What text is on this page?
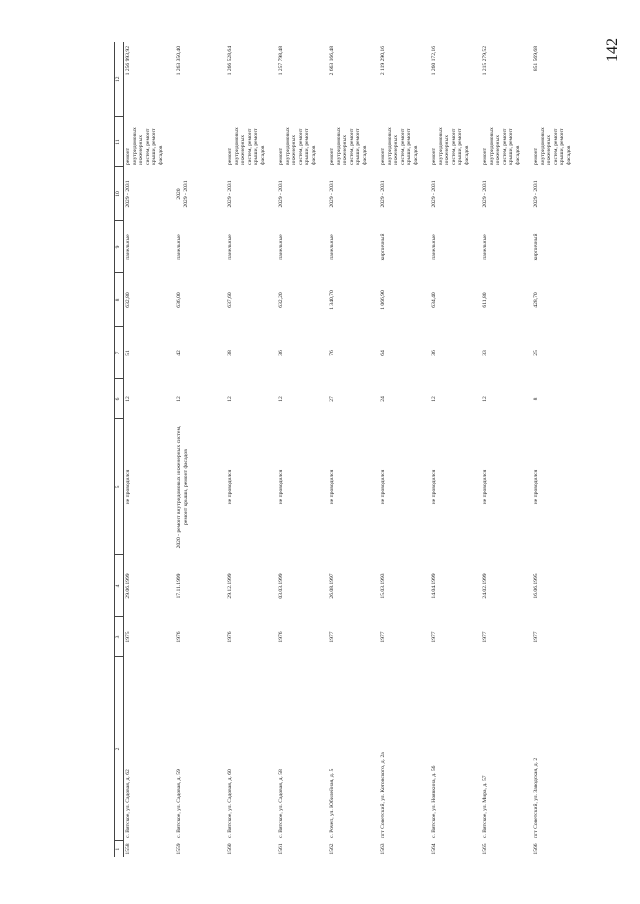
142
1	2	3	4	5	6	7	8	9	10	11	12
1558	с. Вятское, ул. Садовая, д. 62	1975	29.06.1999	не проводился	12	51	632,80	панельные	2029 - 2031	ремонт внутридомовых инженерных систем, ремонт крыши, ремонт фасадов	1 256 993,92
1559	с. Вятское, ул. Садовая, д. 59	1976	17.11.1999	2020 - ремонт внутридомовых инженерных систем, ремонт крыши, ремонт фасадов	12	42	636,00	панельные	2020 2029 - 2031		1 263 350,40
1560	с. Вятское, ул. Садовая, д. 60	1976	29.12.1999	не проводился	12	38	637,60	панельные	2029 - 2031	ремонт внутридомовых инженерных систем, ремонт крыши, ремонт фасадов	1 266 528,64
1561	с. Вятское, ул. Садовая, д. 58	1976	03.03.1999	не проводился	12	36	632,20	панельные	2029 - 2031	ремонт внутридомовых инженерных систем, ремонт крыши, ремонт фасадов	1 257 798,48
1562	с. Рочеп, ул. Юбилейная, д. 5	1977	26.08.1997	не проводился	27	76	1 340,70	панельные	2029 - 2031	ремонт внутридомовых инженерных систем, ремонт крыши, ремонт фасадов	2 663 166,48
1563	пгт Советский, ул. Котовского, д. 2а	1977	15.03.1993	не проводился	24	64	1 066,90	кирпичный	2029 - 2031	ремонт внутридомовых инженерных систем, ремонт крыши, ремонт фасадов	2 119 290,16
1564	с. Вятское, ул. Ноявкина, д. 56	1977	14.04.1999	не проводился	12	36	634,40	панельные	2029 - 2031	ремонт внутридомовых инженерных систем, ремонт крыши, ремонт фасадов	1 260 172,16
1565	с. Вятское, ул. Мира, д. 57	1977	24.02.1999	не проводился	12	33	611,80	панельные	2029 - 2031	ремонт внутридомовых инженерных систем, ремонт крыши, ремонт фасадов	1 215 279,52
1566	пгт Советский, ул. Заводская, д. 2	1977	16.06.1995	не проводился	8	25	428,70	кирпичный	2029 - 2031	ремонт внутридомовых инженерных систем, ремонт крыши, ремонт фасадов	851 569,68
